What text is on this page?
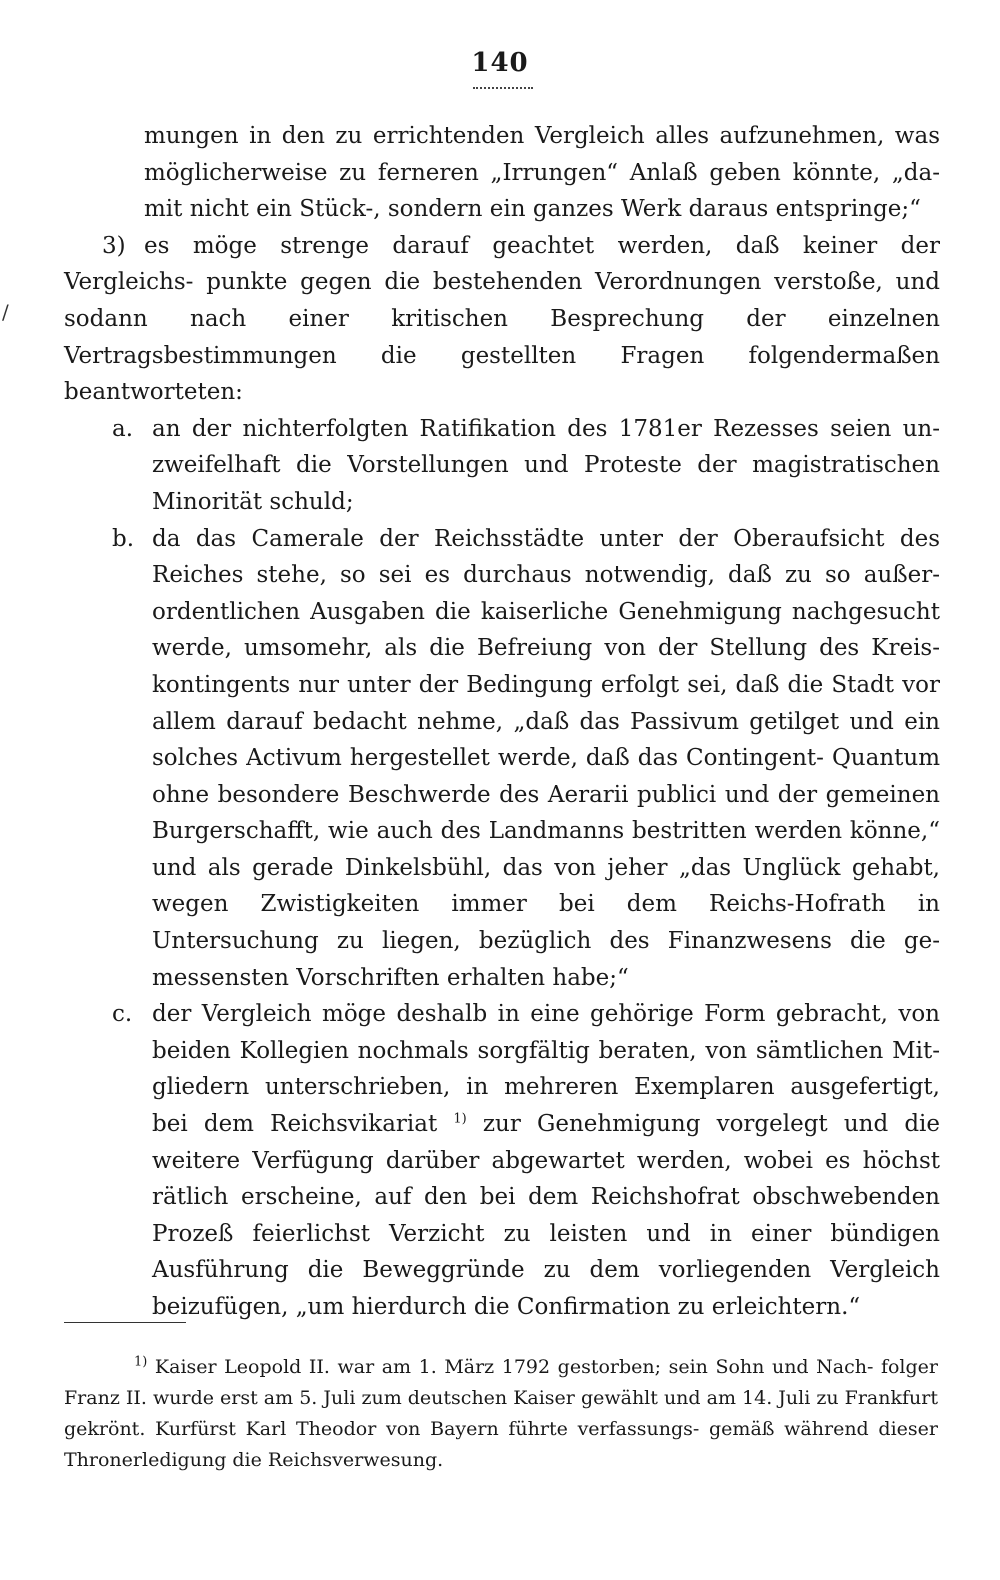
140
/

mungen in den zu errichtenden Vergleich alles aufzunehmen, was möglicherweise zu ferneren „Irrungen“ Anlaß geben könnte, „da- mit nicht ein Stück-, sondern ein ganzes Werk daraus entspringe;“

3) es möge strenge darauf geachtet werden, daß keiner der Vergleichs- punkte gegen die bestehenden Verordnungen verstoße, und sodann nach einer kritischen Besprechung der einzelnen Vertragsbestimmungen die gestellten Fragen folgendermaßen beantworteten:

a. an der nichterfolgten Ratifikation des 1781er Rezesses seien un- zweifelhaft die Vorstellungen und Proteste der magistratischen Minorität schuld;

b. da das Camerale der Reichsstädte unter der Oberaufsicht des Reiches stehe, so sei es durchaus notwendig, daß zu so außer- ordentlichen Ausgaben die kaiserliche Genehmigung nachgesucht werde, umsomehr, als die Befreiung von der Stellung des Kreis- kontingents nur unter der Bedingung erfolgt sei, daß die Stadt vor allem darauf bedacht nehme, „daß das Passivum getilget und ein solches Activum hergestellet werde, daß das Contingent- Quantum ohne besondere Beschwerde des Aerarii publici und der gemeinen Burgerschafft, wie auch des Landmanns bestritten werden könne,“ und als gerade Dinkelsbühl, das von jeher „das Unglück gehabt, wegen Zwistigkeiten immer bei dem Reichs-Hofrath in Untersuchung zu liegen, bezüglich des Finanzwesens die ge- messensten Vorschriften erhalten habe;“

c. der Vergleich möge deshalb in eine gehörige Form gebracht, von beiden Kollegien nochmals sorgfältig beraten, von sämtlichen Mit- gliedern unterschrieben, in mehreren Exemplaren ausgefertigt, bei dem Reichsvikariat $^{1)}$ zur Genehmigung vorgelegt und die weitere Verfügung darüber abgewartet werden, wobei es höchst rätlich erscheine, auf den bei dem Reichshofrat obschwebenden Prozeß feierlichst Verzicht zu leisten und in einer bündigen Ausführung die Beweggründe zu dem vorliegenden Vergleich beizufügen, „um hierdurch die Confirmation zu erleichtern.“

$^{1)}$ Kaiser Leopold II. war am 1. März 1792 gestorben; sein Sohn und Nach- folger Franz II. wurde erst am 5. Juli zum deutschen Kaiser gewählt und am 14. Juli zu Frankfurt gekrönt. Kurfürst Karl Theodor von Bayern führte verfassungs- gemäß während dieser Thronerledigung die Reichsverwesung.
